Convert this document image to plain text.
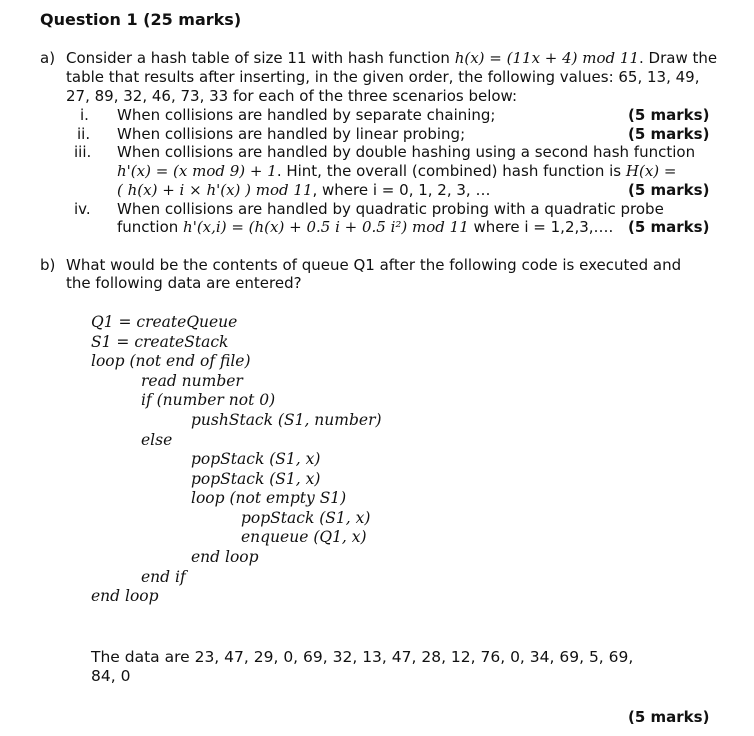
Question 1 (25 marks)
a) Consider a hash table of size 11 with hash function h(x) = (11x + 4) mod 11. Draw the
table that results after inserting, in the given order, the following values: 65, 13, 49,
27, 89, 32, 46, 73, 33 for each of the three scenarios below:
i. When collisions are handled by separate chaining;	(5 marks)
ii. When collisions are handled by linear probing;	(5 marks)
iii. When collisions are handled by double hashing using a second hash function
h'(x) = (x mod 9) + 1. Hint, the overall (combined) hash function is H(x) =
( h(x) + i × h'(x) ) mod 11, where i = 0, 1, 2, 3, …	(5 marks)
iv. When collisions are handled by quadratic probing with a quadratic probe
function h'(x,i) = (h(x) + 0.5 i + 0.5 i²) mod 11 where i = 1,2,3,…. (5 marks)
b) What would be the contents of queue Q1 after the following code is executed and
the following data are entered?
Q1 = createQueue
S1 = createStack
loop (not end of file)
read number
if (number not 0)
pushStack (S1, number)
else
popStack (S1, x)
popStack (S1, x)
loop (not empty S1)
popStack (S1, x)
enqueue (Q1, x)
end loop
end if
end loop
The data are 23, 47, 29, 0, 69, 32, 13, 47, 28, 12, 76, 0, 34, 69, 5, 69,
84, 0
(5 marks)
